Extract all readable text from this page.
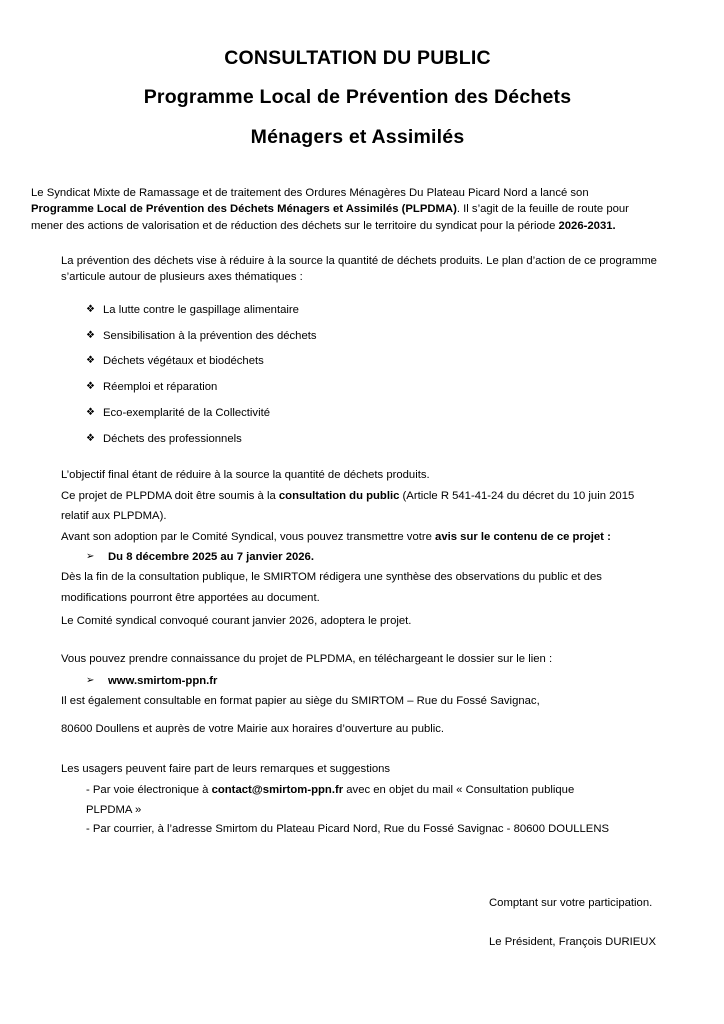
CONSULTATION DU PUBLIC
Programme Local de Prévention des Déchets
Ménagers et Assimilés

Le Syndicat Mixte de Ramassage et de traitement des Ordures Ménagères Du Plateau Picard Nord a lancé son

Programme Local de Prévention des Déchets Ménagers et Assimilés (PLPDMA). Il s’agit de la feuille de route pour

mener des actions de valorisation et de réduction des déchets sur le territoire du syndicat pour la période 2026-2031.

La prévention des déchets vise à réduire à la source la quantité de déchets produits. Le plan d’action de ce programme s’articule autour de plusieurs axes thématiques :
❖ La lutte contre le gaspillage alimentaire
❖ Sensibilisation à la prévention des déchets
❖ Déchets végétaux et biodéchets
❖ Réemploi et réparation
❖ Eco-exemplarité de la Collectivité
❖ Déchets des professionnels

L’objectif final étant de réduire à la source la quantité de déchets produits.

Ce projet de PLPDMA doit être soumis à la consultation du public (Article R 541-41-24 du décret du 10 juin 2015

relatif aux PLPDMA).

Avant son adoption par le Comité Syndical, vous pouvez transmettre votre avis sur le contenu de ce projet :

➢	Du 8 décembre 2025 au 7 janvier 2026.

Dès la fin de la consultation publique, le SMIRTOM rédigera une synthèse des observations du public et des

modifications pourront être apportées au document.

Le Comité syndical convoqué courant janvier 2026, adoptera le projet.

Vous pouvez prendre connaissance du projet de PLPDMA, en téléchargeant le dossier sur le lien :

➢	www.smirtom-ppn.fr

Il est également consultable en format papier au siège du SMIRTOM – Rue du Fossé Savignac,

80600 Doullens et auprès de votre Mairie aux horaires d’ouverture au public.

Les usagers peuvent faire part de leurs remarques et suggestions

- Par voie électronique à contact@smirtom-ppn.fr avec en objet du mail « Consultation publique
PLPDMA »
- Par courrier, à l’adresse Smirtom du Plateau Picard Nord, Rue du Fossé Savignac - 80600 DOULLENS

Comptant sur votre participation.

Le Président, François DURIEUX
